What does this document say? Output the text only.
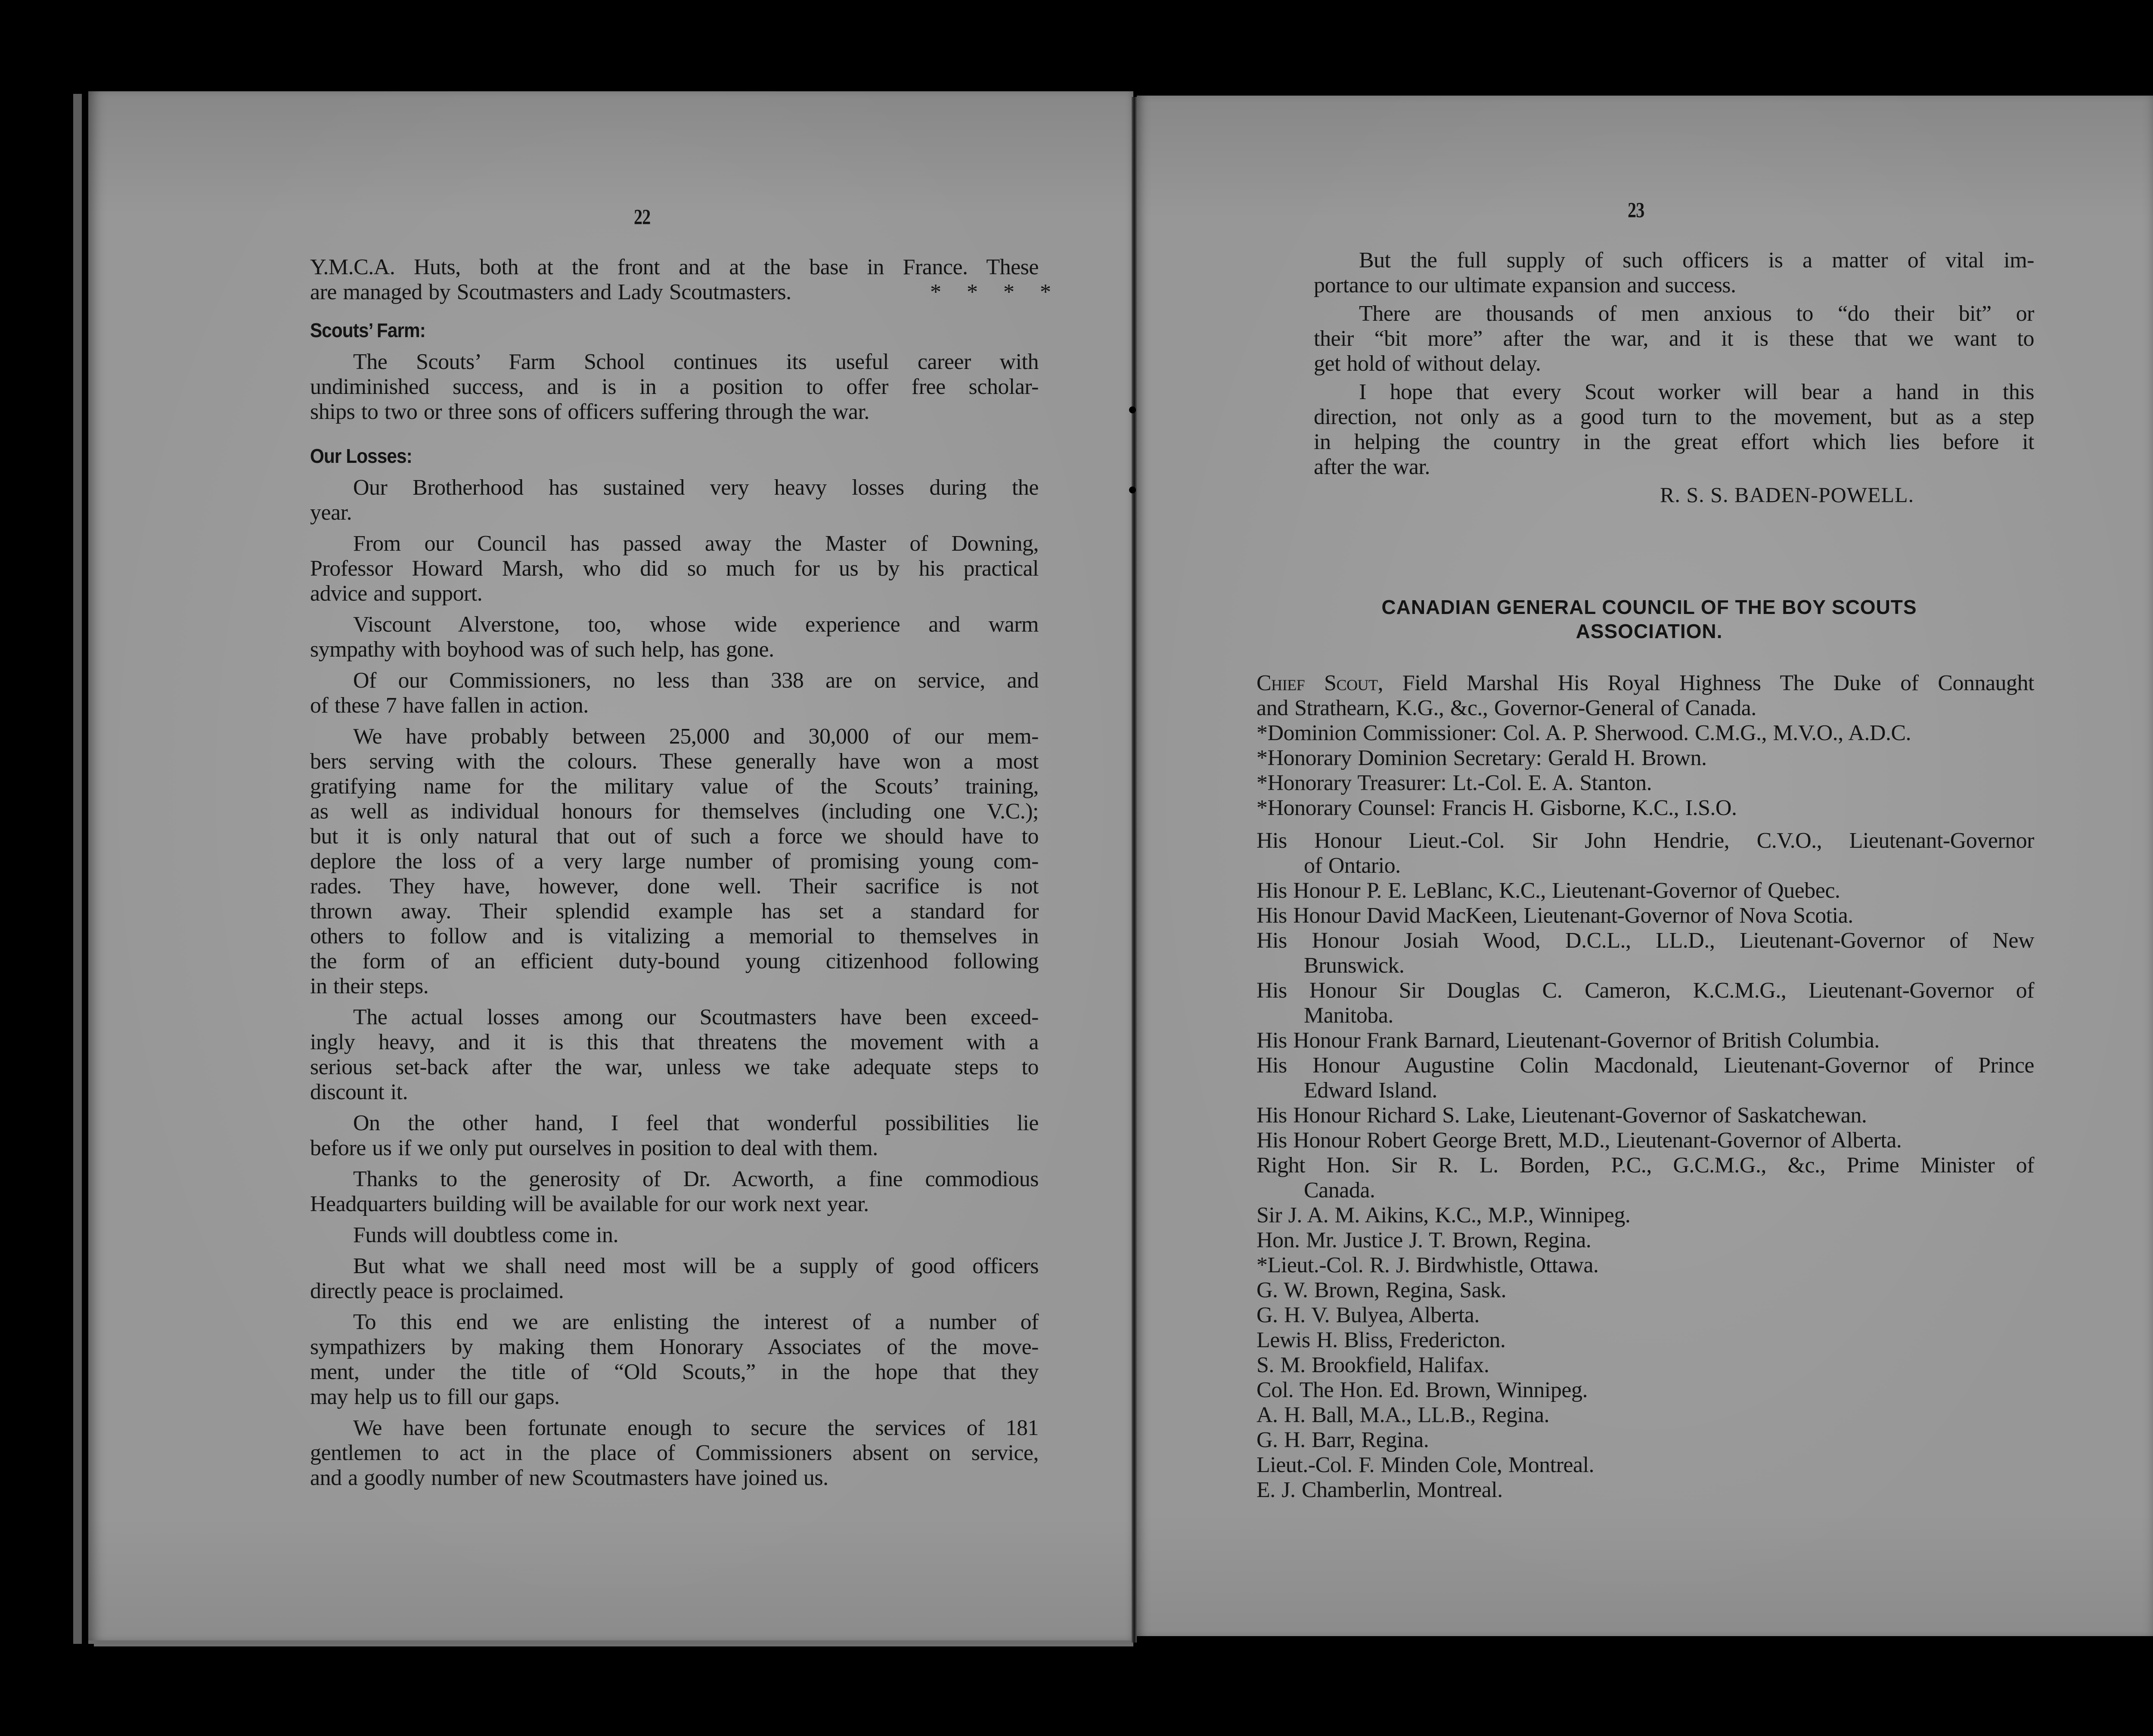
22
Y.M.C.A. Huts, both at the front and at the base in France. These
are managed by Scoutmasters and Lady Scoutmasters.	* * * *
Scouts’ Farm:
The Scouts’ Farm School continues its useful career with
undiminished success, and is in a position to offer free scholar-
ships to two or three sons of officers suffering through the war.
Our Losses:
Our Brotherhood has sustained very heavy losses during the
year.
From our Council has passed away the Master of Downing,
Professor Howard Marsh, who did so much for us by his practical
advice and support.
Viscount Alverstone, too, whose wide experience and warm
sympathy with boyhood was of such help, has gone.
Of our Commissioners, no less than 338 are on service, and
of these 7 have fallen in action.
We have probably between 25,000 and 30,000 of our mem-
bers serving with the colours. These generally have won a most
gratifying name for the military value of the Scouts’ training,
as well as individual honours for themselves (including one V.C.);
but it is only natural that out of such a force we should have to
deplore the loss of a very large number of promising young com-
rades. They have, however, done well. Their sacrifice is not
thrown away. Their splendid example has set a standard for
others to follow and is vitalizing a memorial to themselves in
the form of an efficient duty-bound young citizenhood following
in their steps.
The actual losses among our Scoutmasters have been exceed-
ingly heavy, and it is this that threatens the movement with a
serious set-back after the war, unless we take adequate steps to
discount it.
On the other hand, I feel that wonderful possibilities lie
before us if we only put ourselves in position to deal with them.
Thanks to the generosity of Dr. Acworth, a fine commodious
Headquarters building will be available for our work next year.
Funds will doubtless come in.
But what we shall need most will be a supply of good officers
directly peace is proclaimed.
To this end we are enlisting the interest of a number of
sympathizers by making them Honorary Associates of the move-
ment, under the title of “Old Scouts,” in the hope that they
may help us to fill our gaps.
We have been fortunate enough to secure the services of 181
gentlemen to act in the place of Commissioners absent on service,
and a goodly number of new Scoutmasters have joined us.
23
But the full supply of such officers is a matter of vital im-
portance to our ultimate expansion and success.
There are thousands of men anxious to “do their bit” or
their “bit more” after the war, and it is these that we want to
get hold of without delay.
I hope that every Scout worker will bear a hand in this
direction, not only as a good turn to the movement, but as a step
in helping the country in the great effort which lies before it
after the war.
R. S. S. BADEN-POWELL.
CANADIAN GENERAL COUNCIL OF THE BOY SCOUTS
ASSOCIATION.
Chief Scout, Field Marshal His Royal Highness The Duke of Connaught
and Strathearn, K.G., &c., Governor-General of Canada.
*Dominion Commissioner: Col. A. P. Sherwood. C.M.G., M.V.O., A.D.C.
*Honorary Dominion Secretary: Gerald H. Brown.
*Honorary Treasurer: Lt.-Col. E. A. Stanton.
*Honorary Counsel: Francis H. Gisborne, K.C., I.S.O.
His Honour Lieut.-Col. Sir John Hendrie, C.V.O., Lieutenant-Governor
of Ontario.
His Honour P. E. LeBlanc, K.C., Lieutenant-Governor of Quebec.
His Honour David MacKeen, Lieutenant-Governor of Nova Scotia.
His Honour Josiah Wood, D.C.L., LL.D., Lieutenant-Governor of New
Brunswick.
His Honour Sir Douglas C. Cameron, K.C.M.G., Lieutenant-Governor of
Manitoba.
His Honour Frank Barnard, Lieutenant-Governor of British Columbia.
His Honour Augustine Colin Macdonald, Lieutenant-Governor of Prince
Edward Island.
His Honour Richard S. Lake, Lieutenant-Governor of Saskatchewan.
His Honour Robert George Brett, M.D., Lieutenant-Governor of Alberta.
Right Hon. Sir R. L. Borden, P.C., G.C.M.G., &c., Prime Minister of
Canada.
Sir J. A. M. Aikins, K.C., M.P., Winnipeg.
Hon. Mr. Justice J. T. Brown, Regina.
*Lieut.-Col. R. J. Birdwhistle, Ottawa.
G. W. Brown, Regina, Sask.
G. H. V. Bulyea, Alberta.
Lewis H. Bliss, Fredericton.
S. M. Brookfield, Halifax.
Col. The Hon. Ed. Brown, Winnipeg.
A. H. Ball, M.A., LL.B., Regina.
G. H. Barr, Regina.
Lieut.-Col. F. Minden Cole, Montreal.
E. J. Chamberlin, Montreal.
